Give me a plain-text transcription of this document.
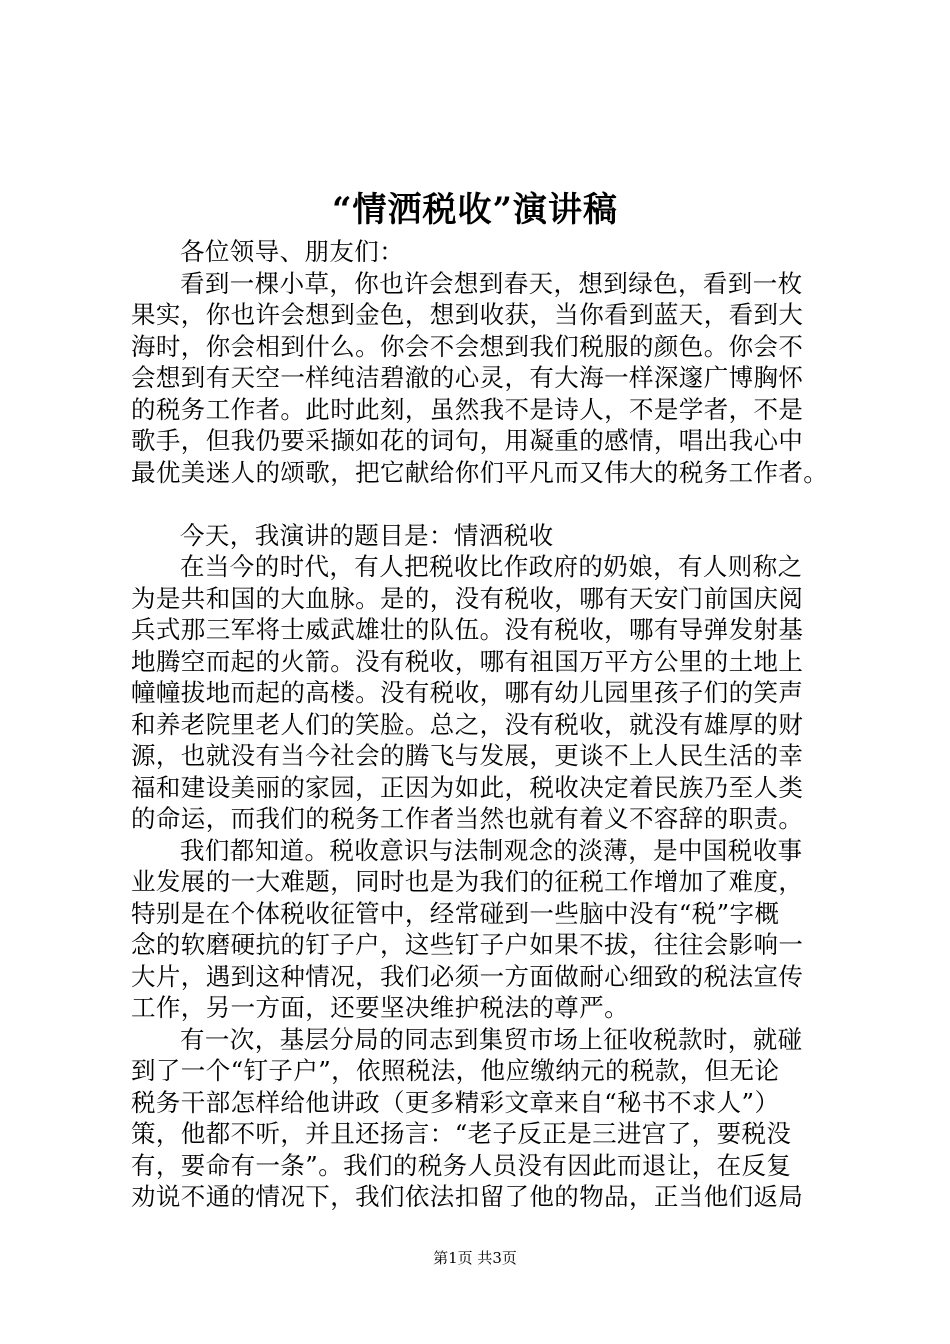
“情洒税收”演讲稿
各位领导、朋友们：
看到一棵小草，你也许会想到春天，想到绿色，看到一枚
果实，你也许会想到金色，想到收获，当你看到蓝天，看到大
海时，你会相到什么。你会不会想到我们税服的颜色。你会不
会想到有天空一样纯洁碧澈的心灵，有大海一样深邃广博胸怀
的税务工作者。此时此刻，虽然我不是诗人，不是学者，不是
歌手，但我仍要采撷如花的词句，用凝重的感情，唱出我心中
最优美迷人的颂歌，把它献给你们平凡而又伟大的税务工作者。
今天，我演讲的题目是：情洒税收
在当今的时代，有人把税收比作政府的奶娘，有人则称之
为是共和国的大血脉。是的，没有税收，哪有天安门前国庆阅
兵式那三军将士威武雄壮的队伍。没有税收，哪有导弹发射基
地腾空而起的火箭。没有税收，哪有祖国万平方公里的土地上
幢幢拔地而起的高楼。没有税收，哪有幼儿园里孩子们的笑声
和养老院里老人们的笑脸。总之，没有税收，就没有雄厚的财
源，也就没有当今社会的腾飞与发展，更谈不上人民生活的幸
福和建设美丽的家园，正因为如此，税收决定着民族乃至人类
的命运，而我们的税务工作者当然也就有着义不容辞的职责。
我们都知道。税收意识与法制观念的淡薄，是中国税收事
业发展的一大难题，同时也是为我们的征税工作增加了难度，
特别是在个体税收征管中，经常碰到一些脑中没有“税”字概
念的软磨硬抗的钉子户，这些钉子户如果不拔，往往会影响一
大片，遇到这种情况，我们必须一方面做耐心细致的税法宣传
工作，另一方面，还要坚决维护税法的尊严。
有一次，基层分局的同志到集贸市场上征收税款时，就碰
到了一个“钉子户”，依照税法，他应缴纳元的税款，但无论
税务干部怎样给他讲政（更多精彩文章来自“秘书不求人”）
策，他都不听，并且还扬言：“老子反正是三进宫了，要税没
有，要命有一条”。我们的税务人员没有因此而退让，在反复
劝说不通的情况下，我们依法扣留了他的物品，正当他们返局
第1页 共3页
